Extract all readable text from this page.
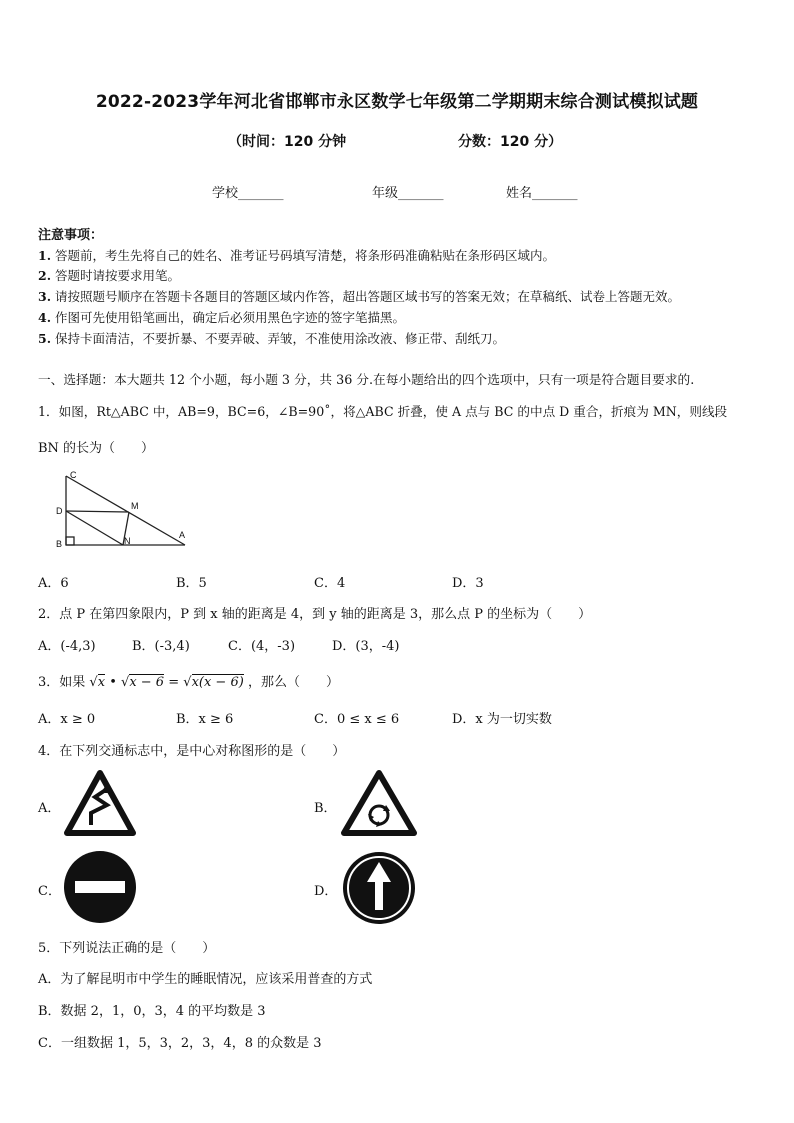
2022-2023学年河北省邯郸市永区数学七年级第二学期期末综合测试模拟试题
（时间：120 分钟	分数：120 分）
学校_______	年级_______	姓名_______
注意事项：
1. 答题前，考生先将自己的姓名、准考证号码填写清楚，将条形码准确粘贴在条形码区域内。
2. 答题时请按要求用笔。
3. 请按照题号顺序在答题卡各题目的答题区域内作答，超出答题区域书写的答案无效；在草稿纸、试卷上答题无效。
4. 作图可先使用铅笔画出，确定后必须用黑色字迹的签字笔描黑。
5. 保持卡面清洁，不要折暴、不要弄破、弄皱，不准使用涂改液、修正带、刮纸刀。
一、选择题：本大题共 12 个小题，每小题 3 分，共 36 分.在每小题给出的四个选项中，只有一项是符合题目要求的.
1．如图，Rt△ABC 中，AB=9，BC=6，∠B=90˚，将△ABC 折叠，使 A 点与 BC 的中点 D 重合，折痕为 MN，则线段
BN 的长为（　　）
C
D
B
M
N
A
A．6	B．5	C．4	D．3
2．点 P 在第四象限内，P 到 x 轴的距离是 4，到 y 轴的距离是 3，那么点 P 的坐标为（　　）
A．(-4,3)	B．(-3,4)	C．(4，-3)	D．(3，-4)
3．如果 √x • √x − 6 = √x(x − 6) ，那么（　　）
A．x ≥ 0	B．x ≥ 6	C．0 ≤ x ≤ 6	D．x 为一切实数
4．在下列交通标志中，是中心对称图形的是（　　）
A．	B．
C．	D．
5．下列说法正确的是（　　）
A．为了解昆明市中学生的睡眠情况，应该采用普查的方式
B．数据 2，1，0，3，4 的平均数是 3
C．一组数据 1，5，3，2，3，4，8 的众数是 3
